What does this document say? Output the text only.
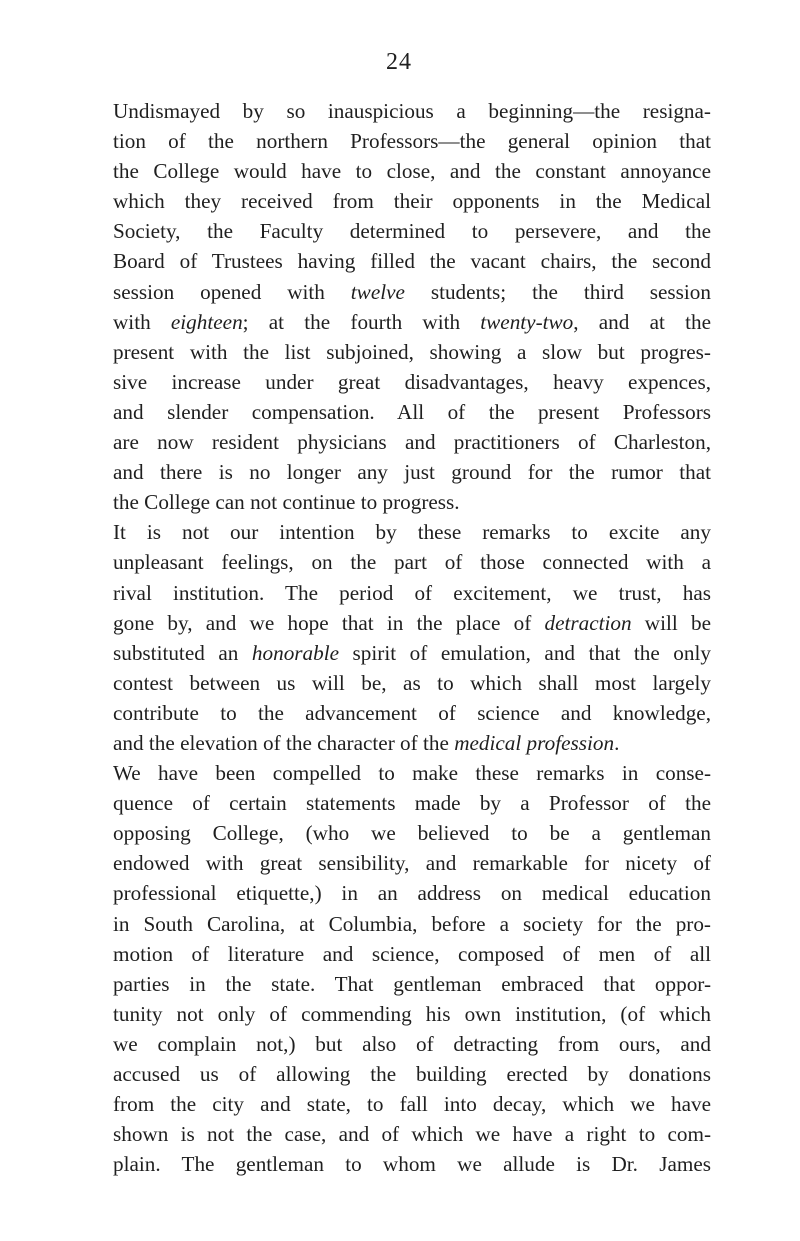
24
Undismayed by so inauspicious a beginning—the resigna-
tion of the northern Professors—the general opinion that
the College would have to close, and the constant annoyance
which they received from their opponents in the Medical
Society, the Faculty determined to persevere, and the
Board of Trustees having filled the vacant chairs, the second
session opened with twelve students; the third session
with eighteen; at the fourth with twenty-two, and at the
present with the list subjoined, showing a slow but progres-
sive increase under great disadvantages, heavy expences,
and slender compensation. All of the present Professors
are now resident physicians and practitioners of Charleston,
and there is no longer any just ground for the rumor that
the College can not continue to progress.
It is not our intention by these remarks to excite any
unpleasant feelings, on the part of those connected with a
rival institution. The period of excitement, we trust, has
gone by, and we hope that in the place of detraction will be
substituted an honorable spirit of emulation, and that the only
contest between us will be, as to which shall most largely
contribute to the advancement of science and knowledge,
and the elevation of the character of the medical profession.
We have been compelled to make these remarks in conse-
quence of certain statements made by a Professor of the
opposing College, (who we believed to be a gentleman
endowed with great sensibility, and remarkable for nicety of
professional etiquette,) in an address on medical education
in South Carolina, at Columbia, before a society for the pro-
motion of literature and science, composed of men of all
parties in the state. That gentleman embraced that oppor-
tunity not only of commending his own institution, (of which
we complain not,) but also of detracting from ours, and
accused us of allowing the building erected by donations
from the city and state, to fall into decay, which we have
shown is not the case, and of which we have a right to com-
plain. The gentleman to whom we allude is Dr. James
